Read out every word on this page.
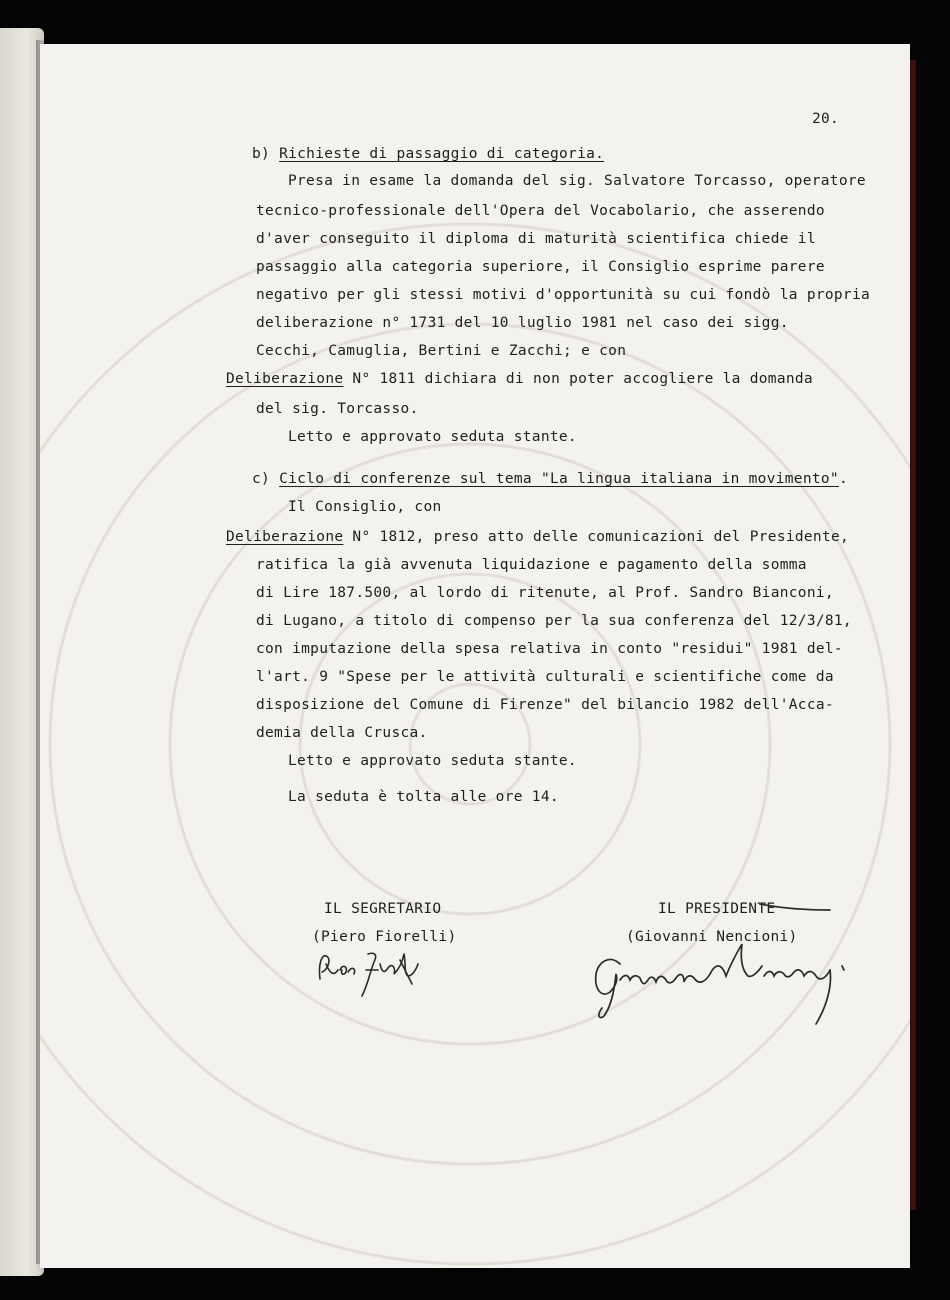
20.
b) Richieste di passaggio di categoria.
Presa in esame la domanda del sig. Salvatore Torcasso, operatore
tecnico-professionale dell'Opera del Vocabolario, che asserendo
d'aver conseguito il diploma di maturità scientifica chiede il
passaggio alla categoria superiore, il Consiglio esprime parere
negativo per gli stessi motivi d'opportunità su cui fondò la propria
deliberazione n° 1731 del 10 luglio 1981 nel caso dei sigg.
Cecchi, Camuglia, Bertini e Zacchi; e con
Deliberazione N° 1811 dichiara di non poter accogliere la domanda
del sig. Torcasso.
Letto e approvato seduta stante.
c) Ciclo di conferenze sul tema "La lingua italiana in movimento".
Il Consiglio, con
Deliberazione N° 1812, preso atto delle comunicazioni del Presidente,
ratifica la già avvenuta liquidazione e pagamento della somma
di Lire 187.500, al lordo di ritenute, al Prof. Sandro Bianconi,
di Lugano, a titolo di compenso per la sua conferenza del 12/3/81,
con imputazione della spesa relativa in conto "residui" 1981 del-
l'art. 9 "Spese per le attività culturali e scientifiche come da
disposizione del Comune di Firenze" del bilancio 1982 dell'Acca-
demia della Crusca.
Letto e approvato seduta stante.
La seduta è tolta alle ore 14.
IL SEGRETARIO
(Piero Fiorelli)
IL PRESIDENTE
(Giovanni Nencioni)
